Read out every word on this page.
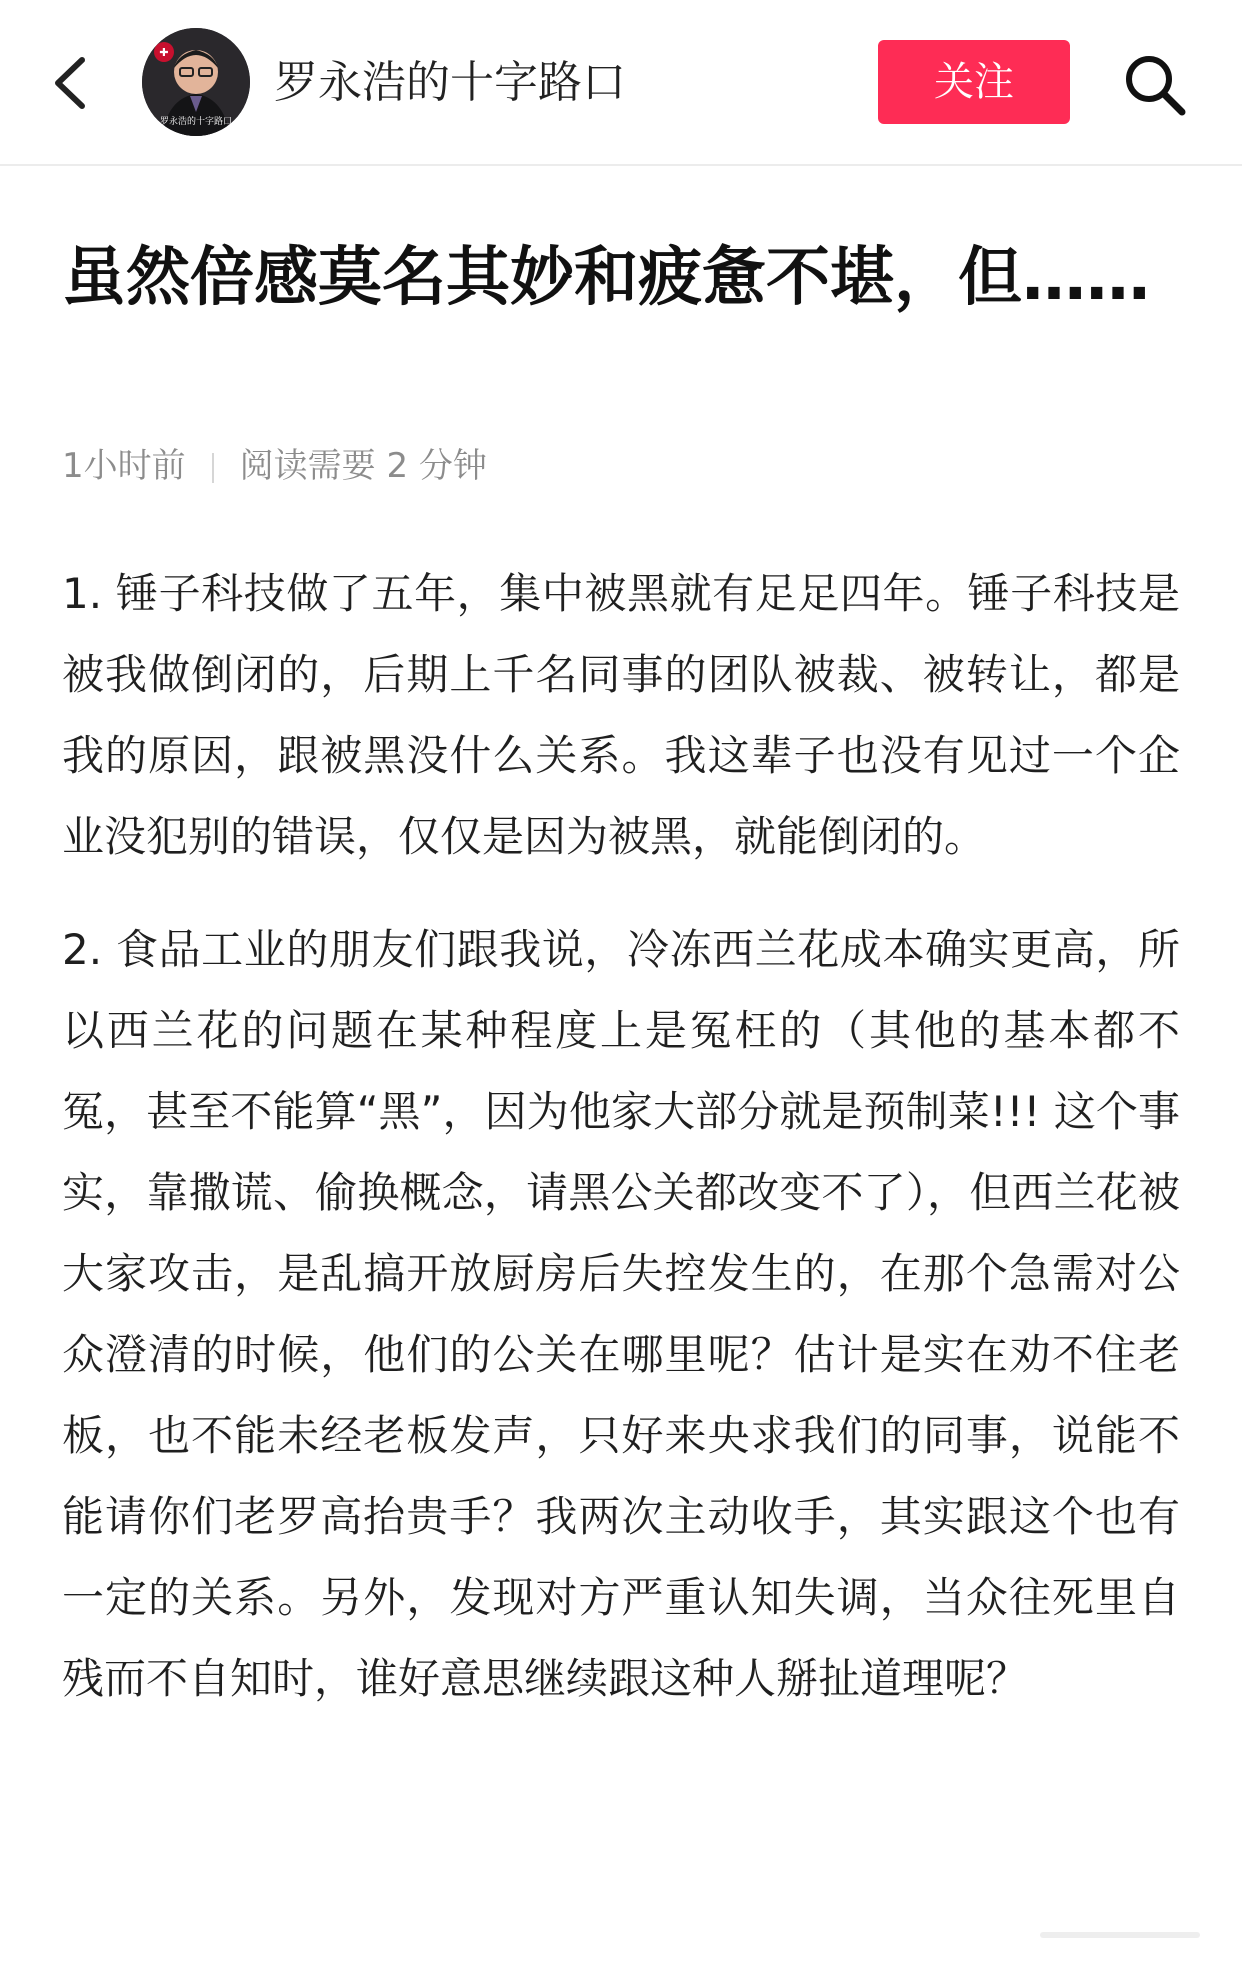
✚
罗永浩的十字路口
罗永浩的十字路口	关注
虽然倍感莫名其妙和疲惫不堪，但……
1小时前 阅读需要 2 分钟

1. 锤子科技做了五年，集中被黑就有足足四年。锤子科技是被我做倒闭的，后期上千名同事的团队被裁、被转让，都是我的原因，跟被黑没什么关系。我这辈子也没有见过一个企业没犯别的错误，仅仅是因为被黑，就能倒闭的。

2. 食品工业的朋友们跟我说，冷冻西兰花成本确实更高，所以西兰花的问题在某种程度上是冤枉的（其他的基本都不冤，甚至不能算“黑”，因为他家大部分就是预制菜!!! 这个事实，靠撒谎、偷换概念，请黑公关都改变不了），但西兰花被大家攻击，是乱搞开放厨房后失控发生的，在那个急需对公众澄清的时候，他们的公关在哪里呢？估计是实在劝不住老板，也不能未经老板发声，只好来央求我们的同事，说能不能请你们老罗高抬贵手？我两次主动收手，其实跟这个也有一定的关系。另外，发现对方严重认知失调，当众往死里自残而不自知时，谁好意思继续跟这种人掰扯道理呢？
